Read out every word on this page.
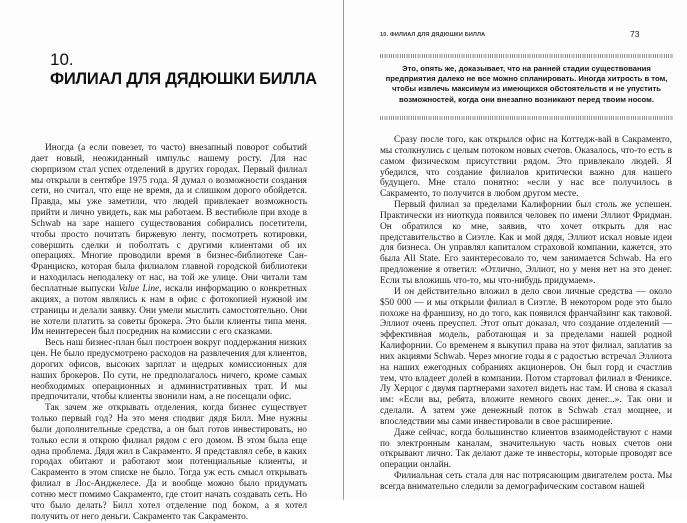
10.
ФИЛИАЛ ДЛЯ ДЯДЮШКИ БИЛЛА

Иногда (а если повезет, то часто) внезапный поворот событий дает новый, неожиданный импульс нашему росту. Для нас сюрпризом стал успех отделений в других городах. Первый филиал мы открыли в сентябре 1975 года. Я думал о возможности создания сети, но считал, что еще не время, да и слишком дорого обойдется. Правда, мы уже заметили, что людей привлекает возможность прийти и лично увидеть, как мы работаем. В вестибюле при входе в Schwab на заре нашего существования собирались посетители, чтобы просто почитать биржевую ленту, посмотреть котировки, совершить сделки и поболтать с другими клиентами об их операциях. Многие проводили время в бизнес-библиотеке Сан-Франциско, которая была филиалом главной городской библиотеки и находилась неподалеку от нас, на той же улице. Они читали там бесплатные выпуски Value Line, искали информацию о конкретных акциях, а потом являлись к нам в офис с фотокопией нужной им страницы и делали заявку. Они умели мыслить самостоятельно. Они не хотели платить за советы брокера. Это были клиенты типа меня. Им неинтересен был посредник на комиссии с его сказками.

Весь наш бизнес-план был построен вокруг поддержания низких цен. Не было предусмотрено расходов на развлечения для клиентов, дорогих офисов, высоких зарплат и щедрых комиссионных для наших брокеров. По сути, не предполагалось ничего, кроме самых необходимых операционных и административных трат. И мы предпочитали, чтобы клиенты звонили нам, а не посещали офис.

Так зачем же открывать отделения, когда бизнес существует только первый год? На это меня сподвиг дядя Билл. Мне нужны были дополнительные средства, а он был готов инвестировать, но только если я открою филиал рядом с его домом. В этом была еще одна проблема. Дядя жил в Сакраменто. Я представлял себе, в каких городах обитают и работают мои потенциальные клиенты, и Сакраменто в этом списке не было. Тогда уж есть смысл открывать филиал в Лос-Анджелесе. Да и вообще можно было придумать сотню мест помимо Сакраменто, где стоит начать создавать сеть. Но что было делать? Билл хотел отделение под боком, а я хотел получить от него деньги. Сакраменто так Сакраменто.

10. ФИЛИАЛ ДЛЯ ДЯДЮШКИ БИЛЛА	73
Это, опять же, доказывает, что на ранней стадии существования предприятия далеко не все можно спланировать. Иногда хитрость в том, чтобы извлечь максимум из имеющихся обстоятельств и не упустить возможностей, когда они внезапно возникают перед твоим носом.

Сразу после того, как открылся офис на Коттедж-вай в Сакраменто, мы столкнулись с целым потоком новых счетов. Оказалось, что-то есть в самом физическом присутствии рядом. Это привлекало людей. Я убедился, что создание филиалов критически важно для нашего будущего. Мне стало понятно: «если у нас все получилось в Сакраменто, то получится в любом другом месте.

Первый филиал за пределами Калифорнии был столь же успешен. Практически из ниоткуда появился человек по имени Эллиот Фридман. Он обратился ко мне, заявив, что хочет открыть для нас представительство в Сиэтле. Как и мой дядя, Эллиот искал новые идеи для бизнеса. Он управлял капиталом страховой компании, кажется, это была All State. Его заинтересовало то, чем занимается Schwab. На его предложение я ответил: «Отлично, Эллиот, но у меня нет на это денег. Если ты вложишь что-то, мы что-нибудь придумаем».

И он действительно вложил в дело свои личные средства — около $50 000 — и мы открыли филиал в Сиэтле. В некотором роде это было похоже на франшизу, но до того, как появился франчайзинг как таковой. Эллиот очень преуспел. Этот опыт доказал, что создание отделений — эффективная модель, работающая и за пределами нашей родной Калифорнии. Со временем я выкупил права на этот филиал, заплатив за них акциями Schwab. Через многие годы я с радостью встречал Эллиота на наших ежегодных собраниях акционеров. Он был горд и счастлив тем, что владеет долей в компании. Потом стартовал филиал в Фениксе. Лу Херцог с двумя партнерами захотел видеть нас там. И снова я сказал им: «Если вы, ребята, вложите немного своих денег...». Так они и сделали. А затем уже денежный поток в Schwab стал мощнее, и впоследствии мы сами инвестировали в свое расширение.

Даже сейчас, когда большинство клиентов взаимодействуют с нами по электронным каналам, значительную часть новых счетов они открывают лично. Так делают даже те инвесторы, которые проводят все операции онлайн.

Филиальная сеть стала для нас потрясающим двигателем роста. Мы всегда внимательно следили за демографическим составом нашей
